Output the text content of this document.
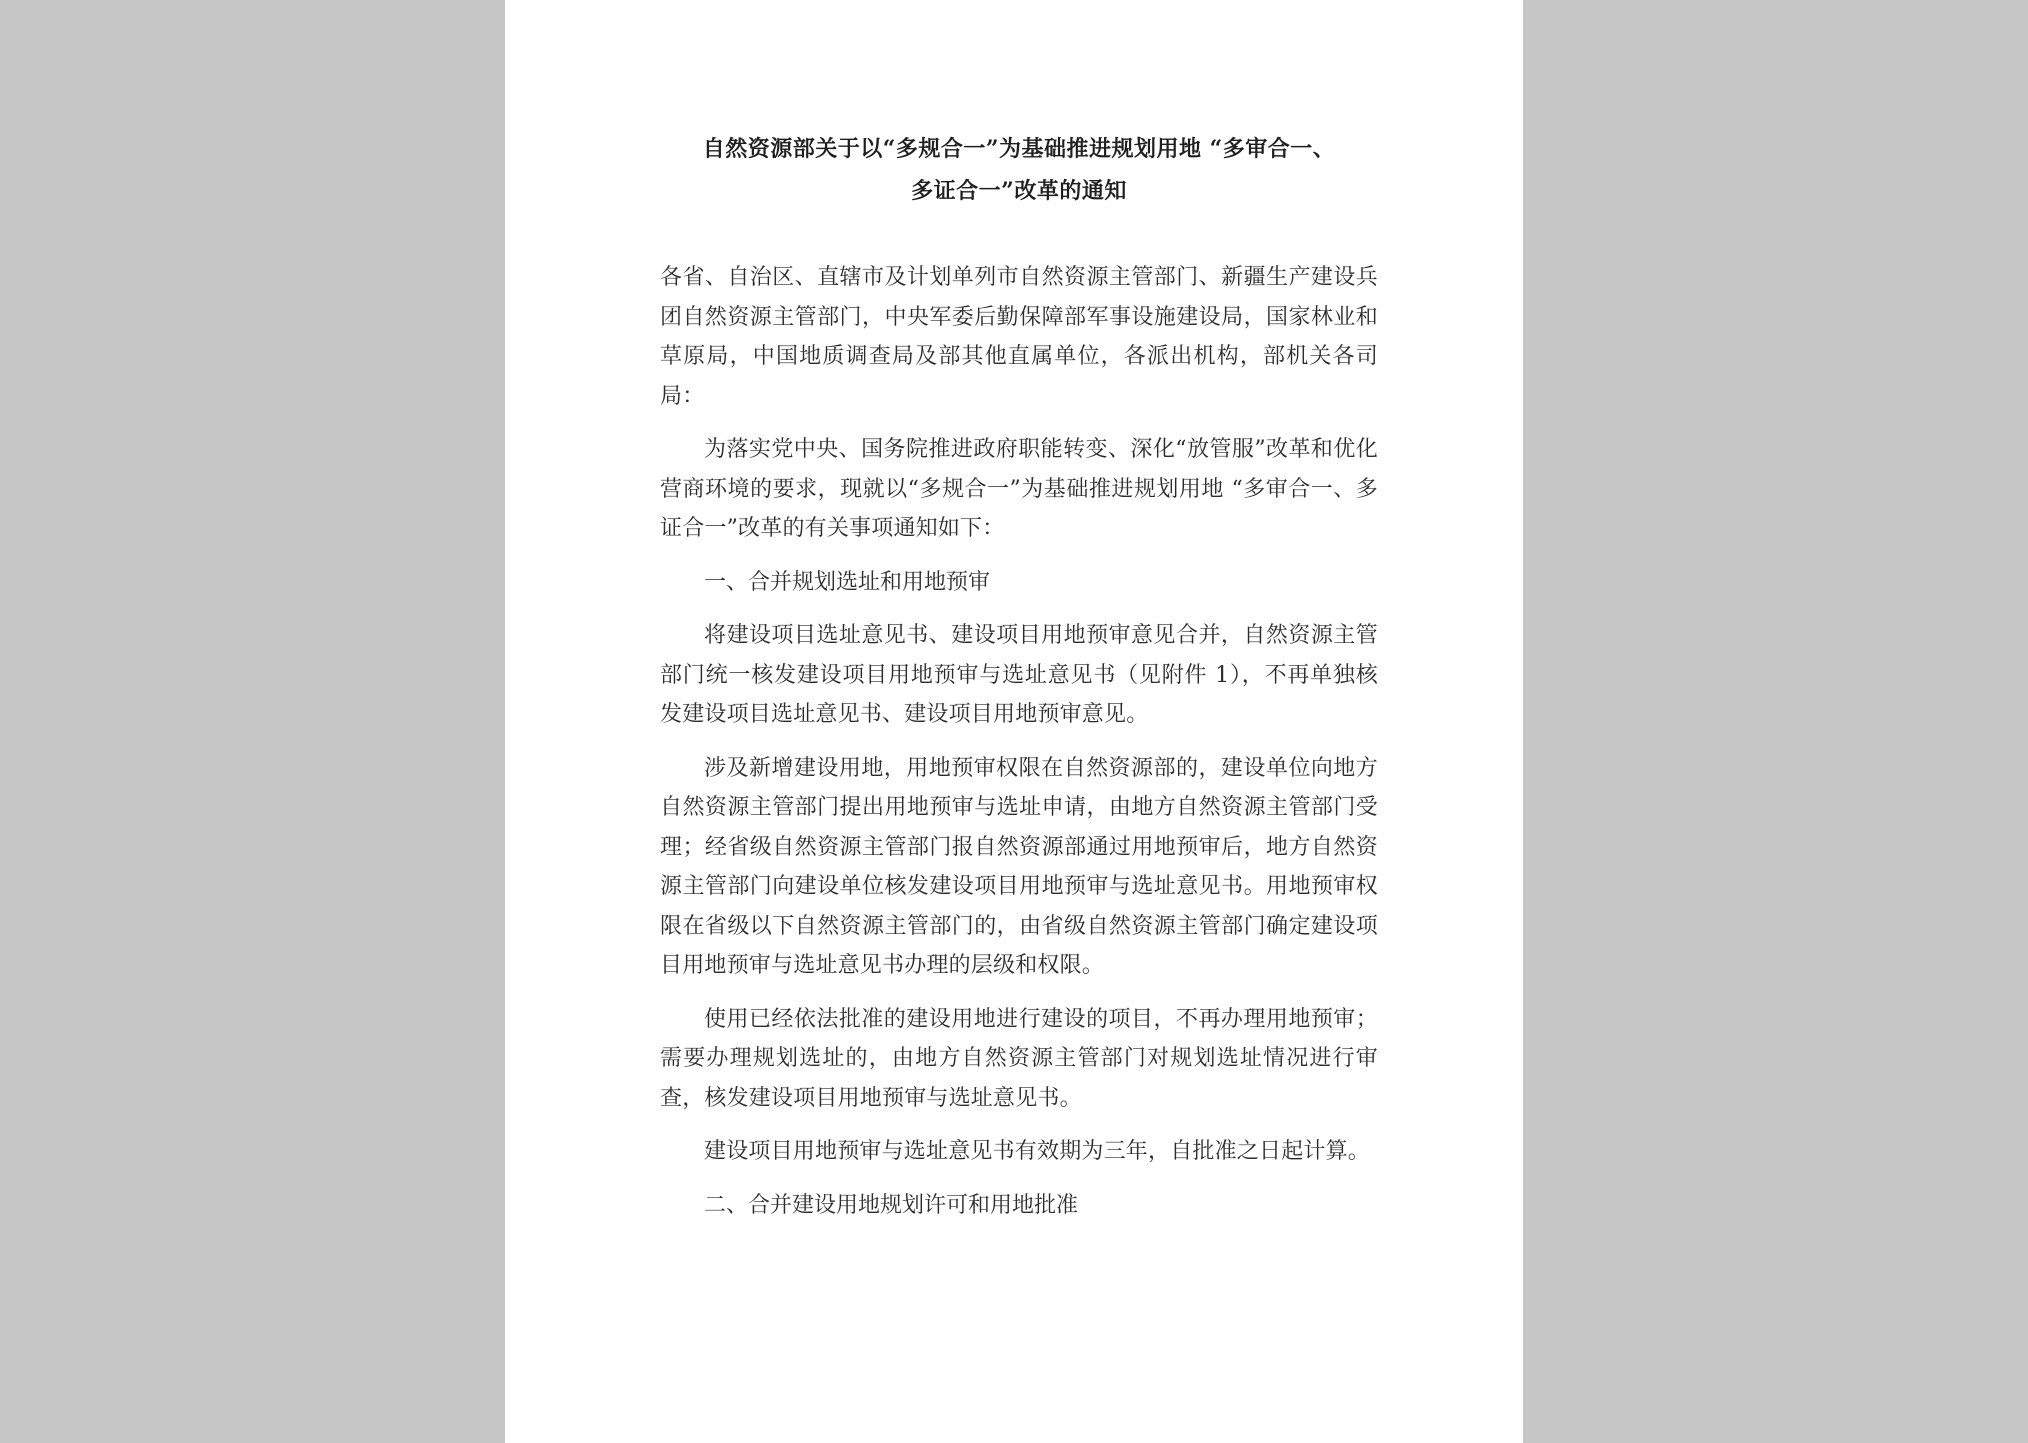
自然资源部关于以“多规合一”为基础推进规划用地 “多审合一、
多证合一”改革的通知

各省、自治区、直辖市及计划单列市自然资源主管部门、新疆生产建设兵团自然资源主管部门，中央军委后勤保障部军事设施建设局，国家林业和草原局，中国地质调查局及部其他直属单位，各派出机构，部机关各司局：

为落实党中央、国务院推进政府职能转变、深化“放管服”改革和优化营商环境的要求，现就以“多规合一”为基础推进规划用地 “多审合一、多证合一”改革的有关事项通知如下：

一、合并规划选址和用地预审

将建设项目选址意见书、建设项目用地预审意见合并，自然资源主管部门统一核发建设项目用地预审与选址意见书（见附件 1），不再单独核发建设项目选址意见书、建设项目用地预审意见。

涉及新增建设用地，用地预审权限在自然资源部的，建设单位向地方自然资源主管部门提出用地预审与选址申请，由地方自然资源主管部门受理；经省级自然资源主管部门报自然资源部通过用地预审后，地方自然资源主管部门向建设单位核发建设项目用地预审与选址意见书。用地预审权限在省级以下自然资源主管部门的，由省级自然资源主管部门确定建设项目用地预审与选址意见书办理的层级和权限。

使用已经依法批准的建设用地进行建设的项目，不再办理用地预审；需要办理规划选址的，由地方自然资源主管部门对规划选址情况进行审查，核发建设项目用地预审与选址意见书。

建设项目用地预审与选址意见书有效期为三年，自批准之日起计算。

二、合并建设用地规划许可和用地批准
